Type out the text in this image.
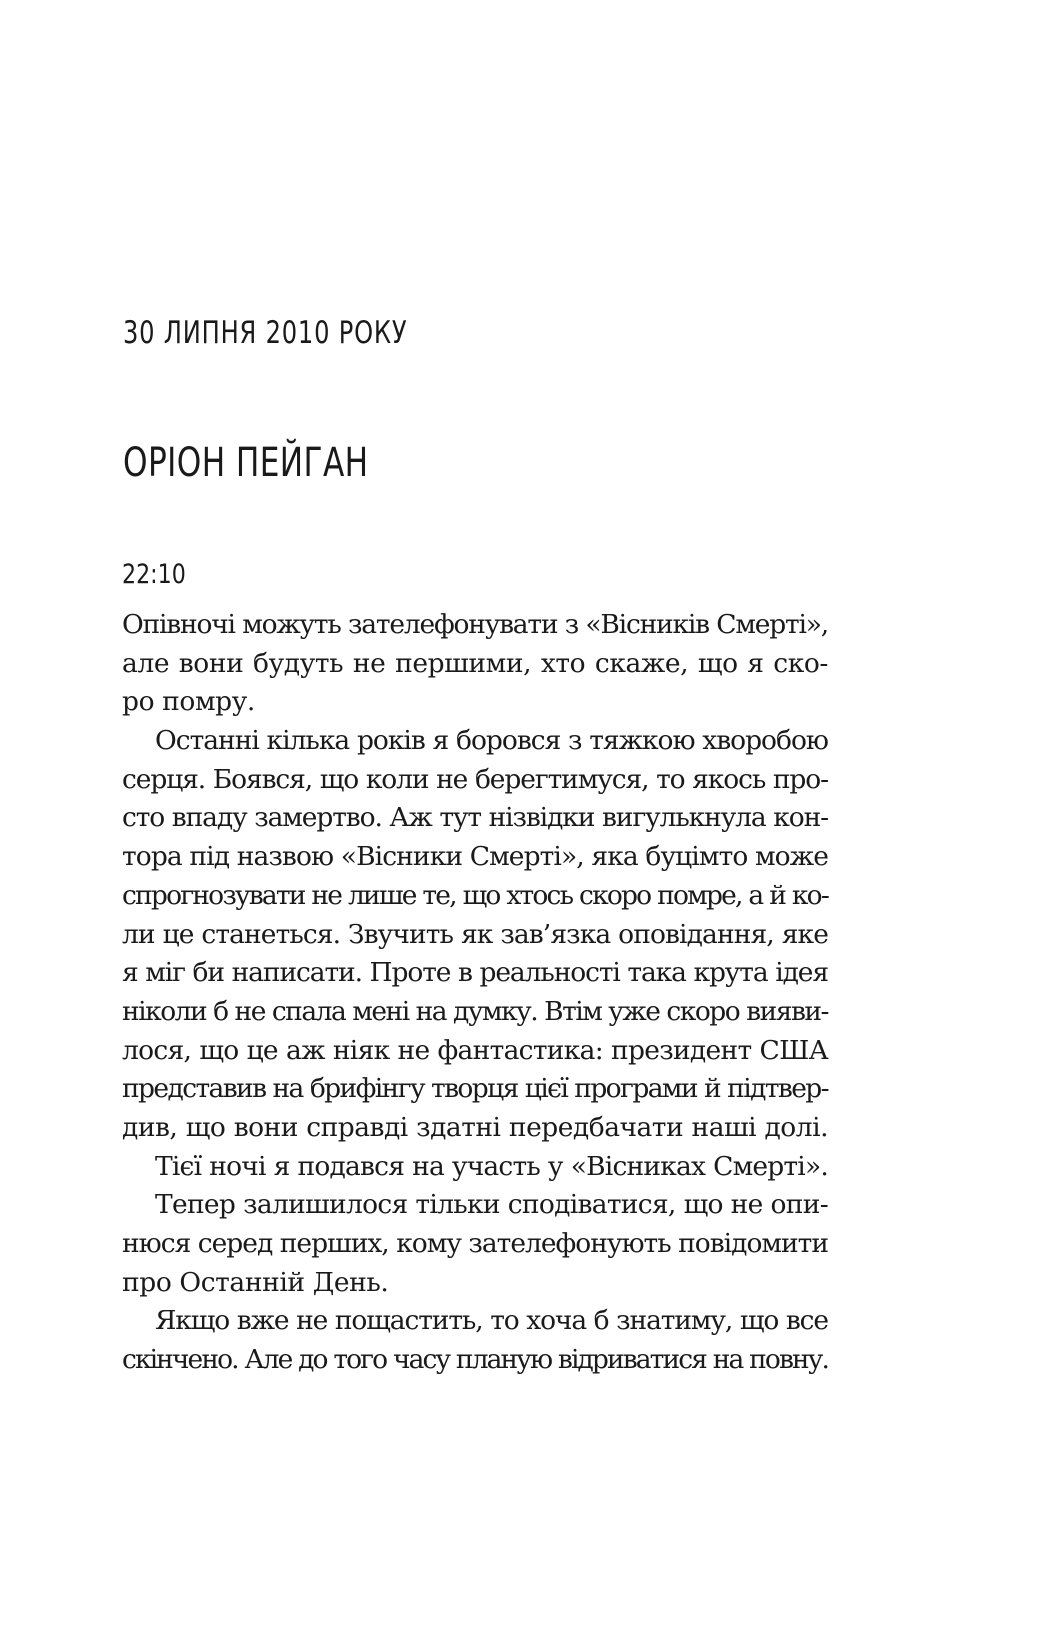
30 ЛИПНЯ 2010 РОКУ
ОРІОН ПЕЙГАН
22:10
Опівночі можуть зателефонувати з «Вісників Смерті»,
але вони будуть не першими, хто скаже, що я ско-
ро помру.
Останні кілька років я боровся з тяжкою хворобою
серця. Боявся, що коли не берегтимуся, то якось про-
сто впаду замертво. Аж тут нізвідки вигулькнула кон-
тора під назвою «Вісники Смерті», яка буцімто може
спрогнозувати не лише те, що хтось скоро помре, а й ко-
ли це станеться. Звучить як зав’язка оповідання, яке
я міг би написати. Проте в реальності така крута ідея
ніколи б не спала мені на думку. Втім уже скоро вияви-
лося, що це аж ніяк не фантастика: президент США
представив на брифінгу творця цієї програми й підтвер-
див, що вони справді здатні передбачати наші долі.
Тієї ночі я подався на участь у «Вісниках Смерті».
Тепер залишилося тільки сподіватися, що не опи-
нюся серед перших, кому зателефонують повідомити
про Останній День.
Якщо вже не пощастить, то хоча б знатиму, що все
скінчено. Але до того часу планую відриватися на повну.
